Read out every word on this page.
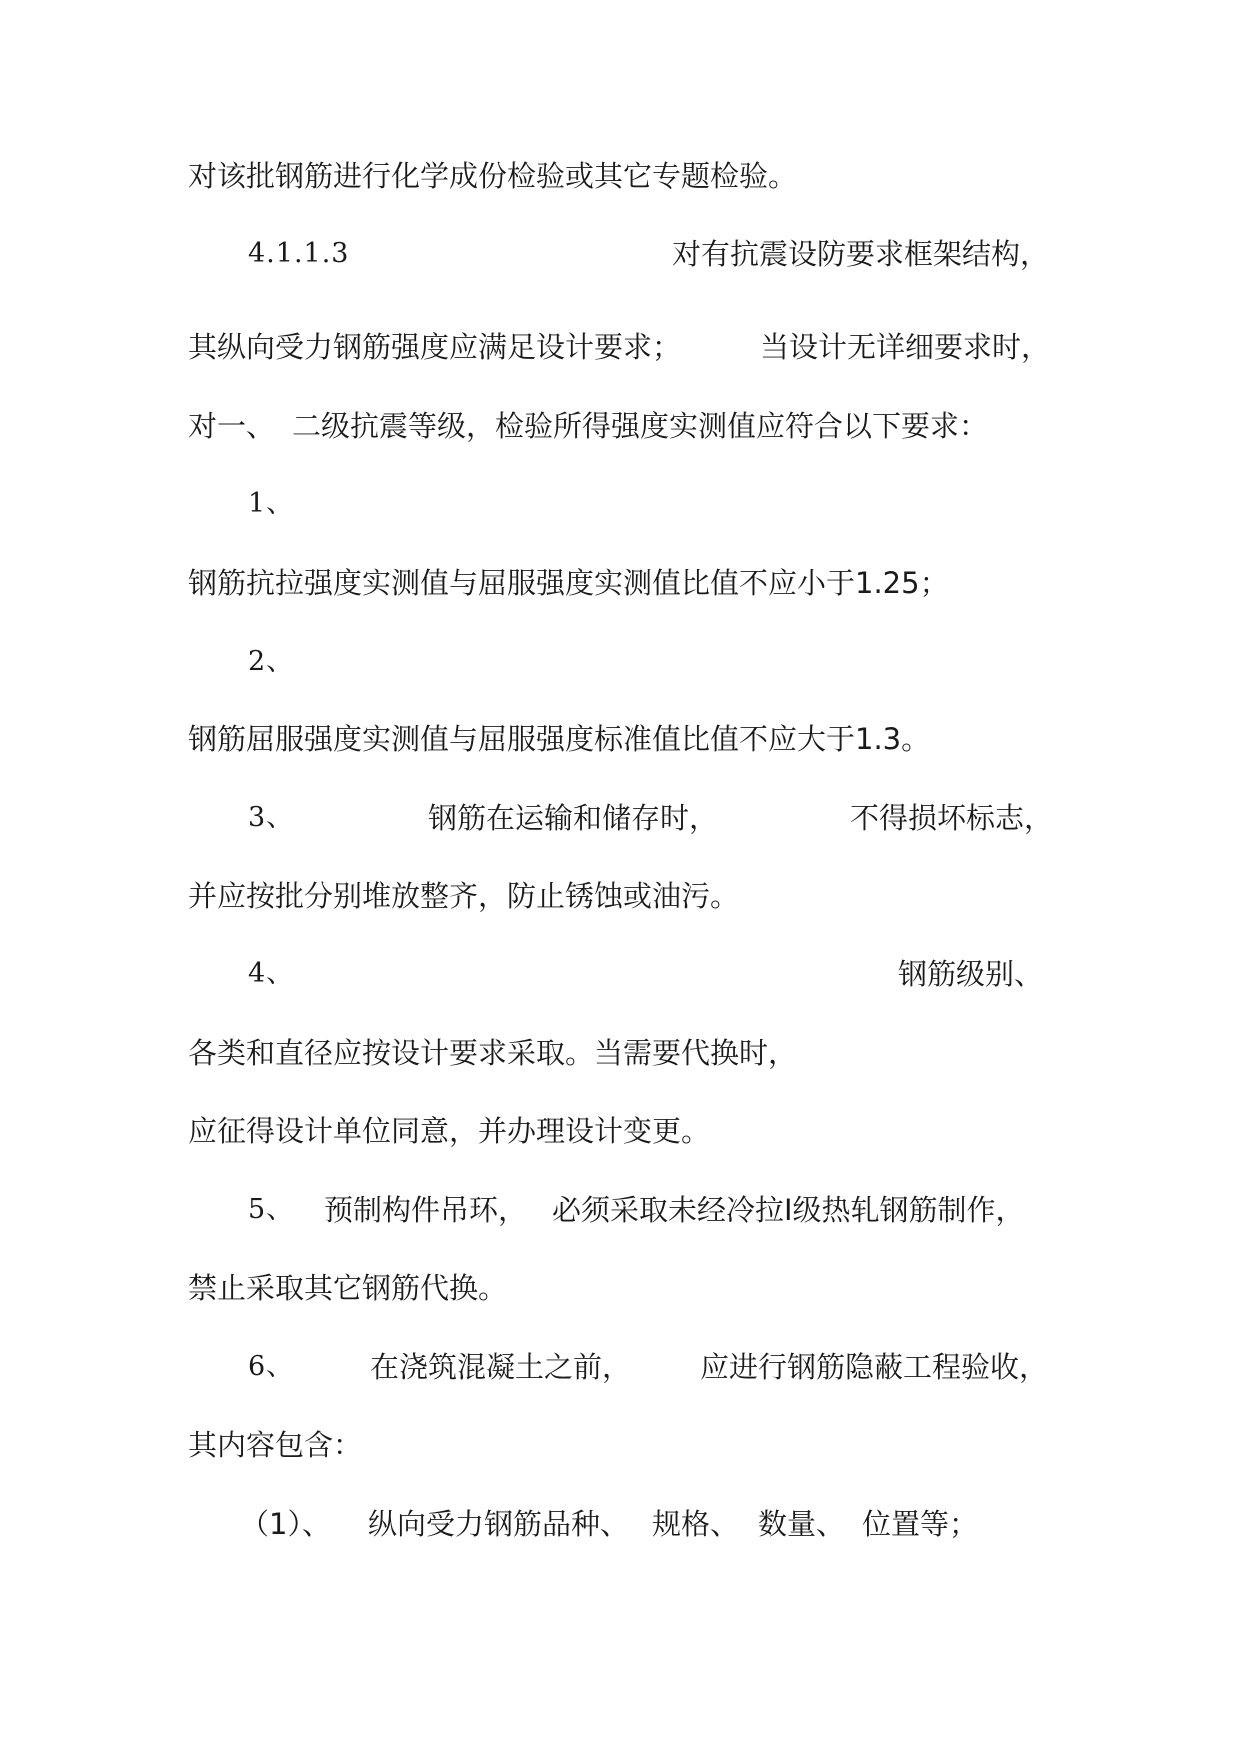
对该批钢筋进行化学成份检验或其它专题检验。
4.1.1.3	对有抗震设防要求框架结构，
其纵向受力钢筋强度应满足设计要求；	当设计无详细要求时，
对一、 二级抗震等级，检验所得强度实测值应符合以下要求：
1、
钢筋抗拉强度实测值与屈服强度实测值比值不应小于1.25；
2、
钢筋屈服强度实测值与屈服强度标准值比值不应大于1.3。
3、	钢筋在运输和储存时，	不得损坏标志，
并应按批分别堆放整齐，防止锈蚀或油污。
4、	钢筋级别、
各类和直径应按设计要求采取。当需要代换时，
应征得设计单位同意，并办理设计变更。
5、 预制构件吊环， 必须采取未经冷拉Ⅰ级热轧钢筋制作，
禁止采取其它钢筋代换。
6、	在浇筑混凝土之前， 应进行钢筋隐蔽工程验收，
其内容包含：
（1）、 纵向受力钢筋品种、 规格、 数量、 位置等；
